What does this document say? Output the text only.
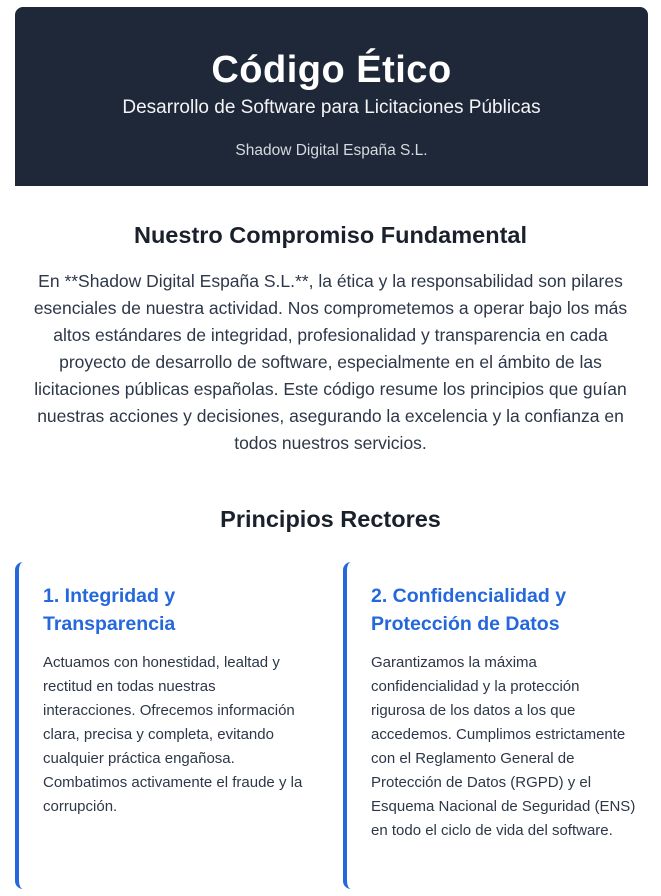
Código Ético
Desarrollo de Software para Licitaciones Públicas
Shadow Digital España S.L.
Nuestro Compromiso Fundamental
En **Shadow Digital España S.L.**, la ética y la responsabilidad son pilares esenciales de nuestra actividad. Nos comprometemos a operar bajo los más altos estándares de integridad, profesionalidad y transparencia en cada proyecto de desarrollo de software, especialmente en el ámbito de las licitaciones públicas españolas. Este código resume los principios que guían nuestras acciones y decisiones, asegurando la excelencia y la confianza en todos nuestros servicios.
Principios Rectores
1. Integridad y Transparencia
Actuamos con honestidad, lealtad y rectitud en todas nuestras interacciones. Ofrecemos información clara, precisa y completa, evitando cualquier práctica engañosa. Combatimos activamente el fraude y la corrupción.
2. Confidencialidad y Protección de Datos
Garantizamos la máxima confidencialidad y la protección rigurosa de los datos a los que accedemos. Cumplimos estrictamente con el Reglamento General de Protección de Datos (RGPD) y el Esquema Nacional de Seguridad (ENS) en todo el ciclo de vida del software.
